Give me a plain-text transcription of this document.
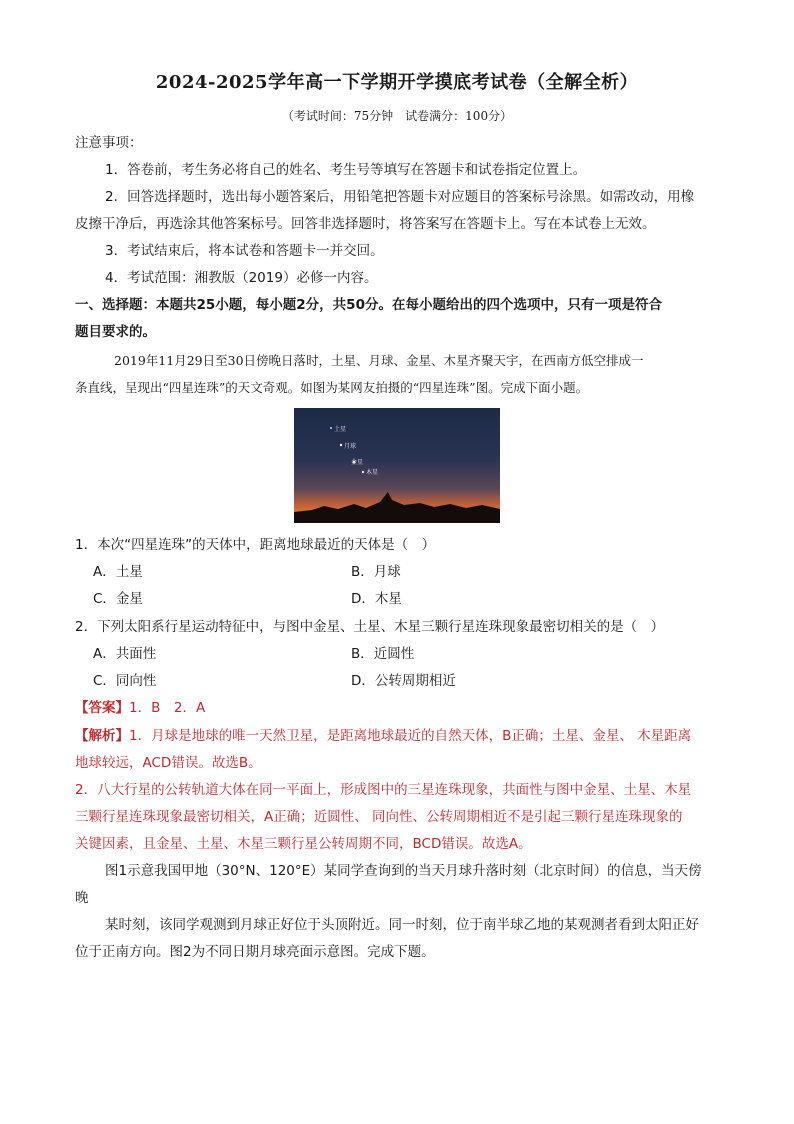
2024-2025学年高一下学期开学摸底考试卷（全解全析）
（考试时间：75分钟　试卷满分：100分）
注意事项：
1．答卷前，考生务必将自己的姓名、考生号等填写在答题卡和试卷指定位置上。
2．回答选择题时，选出每小题答案后，用铅笔把答题卡对应题目的答案标号涂黑。如需改动，用橡
皮擦干净后，再选涂其他答案标号。回答非选择题时，将答案写在答题卡上。写在本试卷上无效。
3．考试结束后，将本试卷和答题卡一并交回。
4．考试范围：湘教版（2019）必修一内容。
一、选择题：本题共25小题，每小题2分，共50分。在每小题给出的四个选项中，只有一项是符合
题目要求的。
2019年11月29日至30日傍晚日落时，土星、月球、金星、木星齐聚天宇，在西南方低空排成一
条直线，呈现出“四星连珠”的天文奇观。如图为某网友拍摄的“四星连珠”图。完成下面小题。
土星
月球
金星
木星
1．本次“四星连珠”的天体中，距离地球最近的天体是（　）
A．土星	B．月球
C．金星	D．木星
2．下列太阳系行星运动特征中，与图中金星、土星、木星三颗行星连珠现象最密切相关的是（　）
A．共面性	B．近圆性
C．同向性	D．公转周期相近
【答案】1．B　2．A
【解析】1．月球是地球的唯一天然卫星，是距离地球最近的自然天体，B正确；土星、金星、 木星距离
地球较远，ACD错误。故选B。
2．八大行星的公转轨道大体在同一平面上，形成图中的三星连珠现象，共面性与图中金星、土星、木星
三颗行星连珠现象最密切相关，A正确；近圆性、 同向性、公转周期相近不是引起三颗行星连珠现象的
关键因素，且金星、土星、木星三颗行星公转周期不同，BCD错误。故选A。
图1示意我国甲地（30°N、120°E）某同学查询到的当天月球升落时刻（北京时间）的信息，当天傍
晚
某时刻，该同学观测到月球正好位于头顶附近。同一时刻，位于南半球乙地的某观测者看到太阳正好
位于正南方向。图2为不同日期月球亮面示意图。完成下题。
